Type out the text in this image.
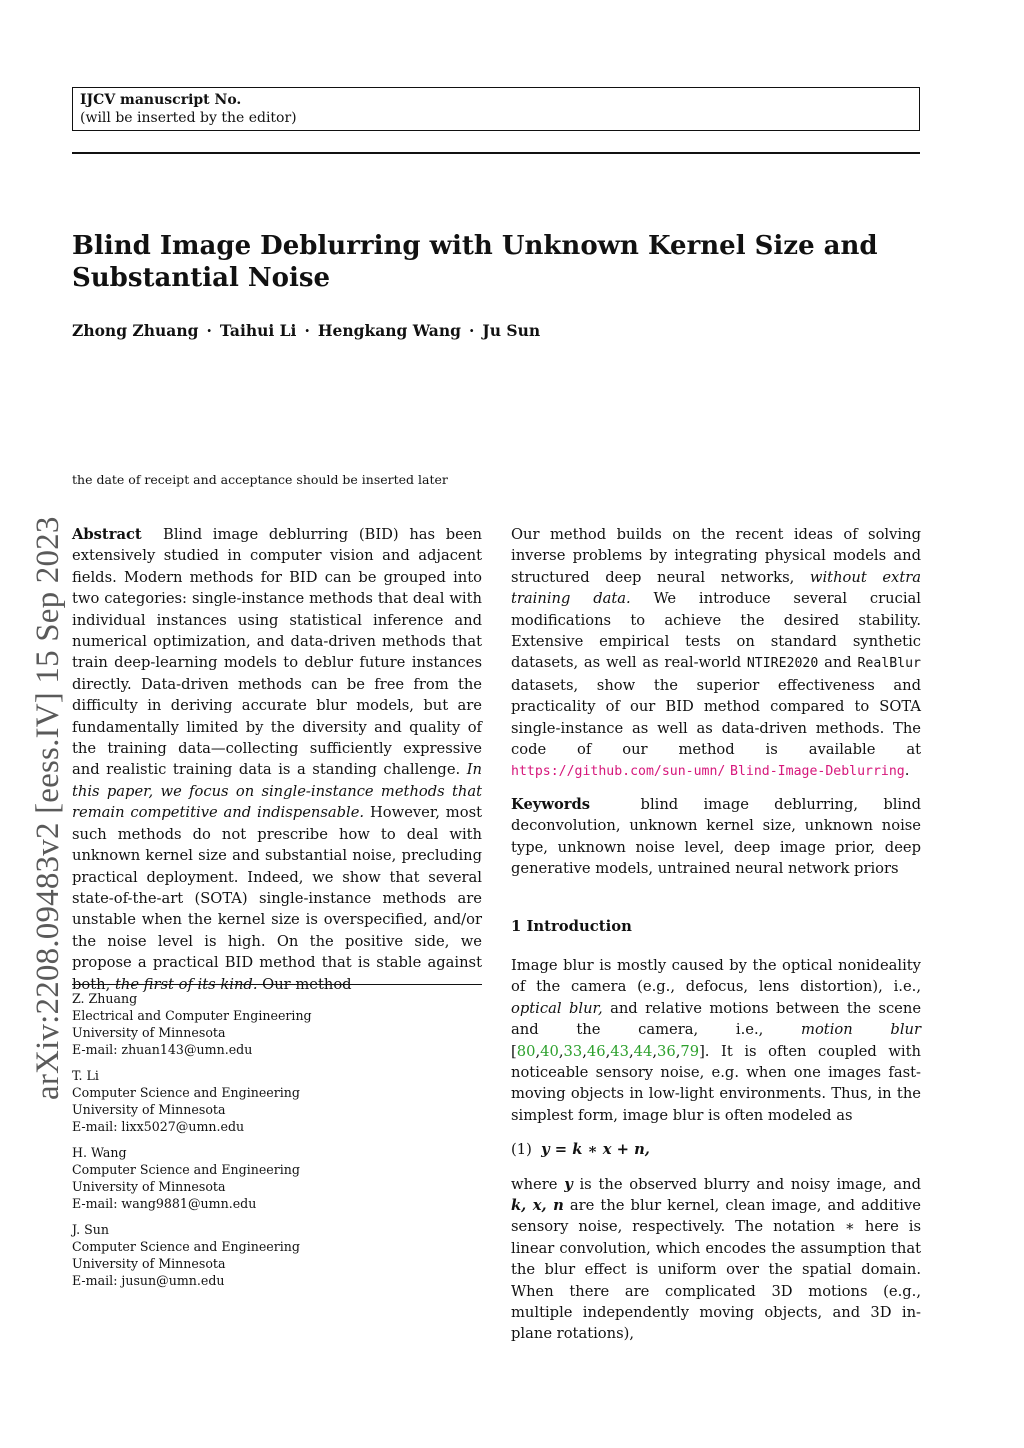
IJCV manuscript No.
(will be inserted by the editor)
Blind Image Deblurring with Unknown Kernel Size and
Substantial Noise
Zhong Zhuang · Taihui Li · Hengkang Wang · Ju Sun
arXiv:2208.09483v2 [eess.IV] 15 Sep 2023
the date of receipt and acceptance should be inserted later

Abstract Blind image deblurring (BID) has been extensively studied in computer vision and adjacent fields. Modern methods for BID can be grouped into two categories: single-instance methods that deal with individual instances using statistical inference and numerical optimization, and data-driven methods that train deep-learning models to deblur future instances directly. Data-driven methods can be free from the difficulty in deriving accurate blur models, but are fundamentally limited by the diversity and quality of the training data—collecting sufficiently expressive and realistic training data is a standing challenge. In this paper, we focus on single-instance methods that remain competitive and indispensable. However, most such methods do not prescribe how to deal with unknown kernel size and substantial noise, precluding practical deployment. Indeed, we show that several state-of-the-art (SOTA) single-instance methods are unstable when the kernel size is overspecified, and/or the noise level is high. On the positive side, we propose a practical BID method that is stable against both, the first of its kind. Our method

Z. Zhuang
Electrical and Computer Engineering
University of Minnesota
E-mail: zhuan143@umn.edu
T. Li
Computer Science and Engineering
University of Minnesota
E-mail: lixx5027@umn.edu
H. Wang
Computer Science and Engineering
University of Minnesota
E-mail: wang9881@umn.edu
J. Sun
Computer Science and Engineering
University of Minnesota
E-mail: jusun@umn.edu

Our method builds on the recent ideas of solving inverse problems by integrating physical models and structured deep neural networks, without extra training data. We introduce several crucial modifications to achieve the desired stability. Extensive empirical tests on standard synthetic datasets, as well as real-world NTIRE2020 and RealBlur datasets, show the superior effectiveness and practicality of our BID method compared to SOTA single-instance as well as data-driven methods. The code of our method is available at https://github.com/sun-umn/ Blind-Image-Deblurring.

Keywords	blind image deblurring, blind deconvolution, unknown kernel size, unknown noise type, unknown noise level, deep image prior, deep generative models, untrained neural network priors

1 Introduction

Image blur is mostly caused by the optical nonideality of the camera (e.g., defocus, lens distortion), i.e., optical blur, and relative motions between the scene and the camera, i.e.,	motion blur [80,40,33,46,43,44,36,79]. It is often coupled with noticeable sensory noise, e.g. when one images fast-moving objects in low-light environments. Thus, in the simplest form, image blur is often modeled as

(1) y = k ∗ x + n,

where y is the observed blurry and noisy image, and k, x, n are the blur kernel, clean image, and additive sensory noise, respectively. The notation ∗ here is linear convolution, which encodes the assumption that the blur effect is uniform over the spatial domain. When there are complicated 3D motions (e.g., multiple independently moving objects, and 3D in-plane rotations),
